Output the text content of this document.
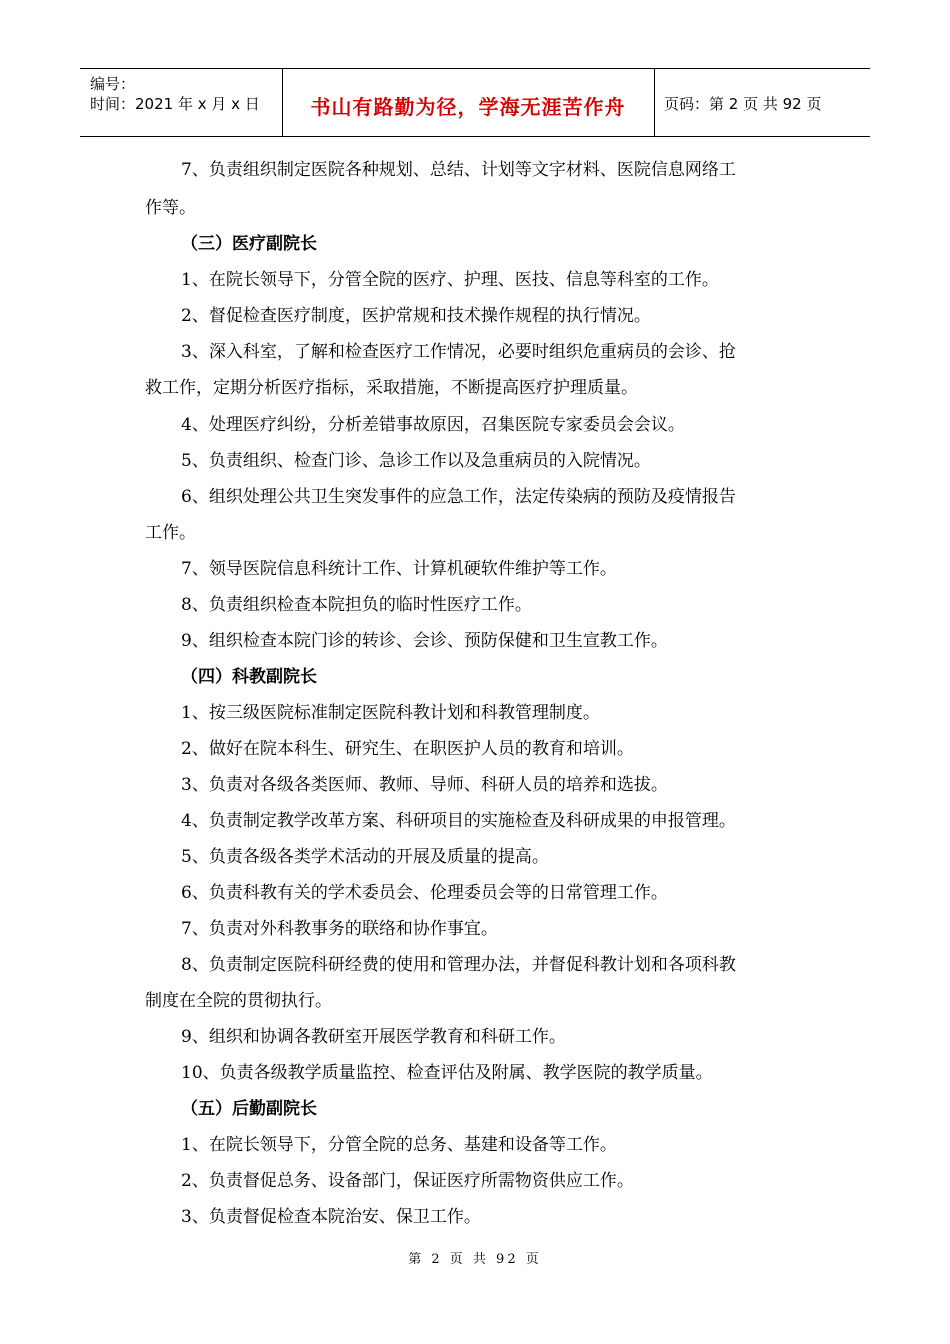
编号：
时间：2021 年 x 月 x 日	书山有路勤为径，学海无涯苦作舟	页码：第 2 页 共 92 页
7、负责组织制定医院各种规划、总结、计划等文字材料、医院信息网络工
作等。
（三）医疗副院长
1、在院长领导下，分管全院的医疗、护理、医技、信息等科室的工作。
2、督促检查医疗制度，医护常规和技术操作规程的执行情况。
3、深入科室，了解和检查医疗工作情况，必要时组织危重病员的会诊、抢
救工作，定期分析医疗指标，采取措施，不断提高医疗护理质量。
4、处理医疗纠纷，分析差错事故原因，召集医院专家委员会会议。
5、负责组织、检查门诊、急诊工作以及急重病员的入院情况。
6、组织处理公共卫生突发事件的应急工作，法定传染病的预防及疫情报告
工作。
7、领导医院信息科统计工作、计算机硬软件维护等工作。
8、负责组织检查本院担负的临时性医疗工作。
9、组织检查本院门诊的转诊、会诊、预防保健和卫生宣教工作。
（四）科教副院长
1、按三级医院标准制定医院科教计划和科教管理制度。
2、做好在院本科生、研究生、在职医护人员的教育和培训。
3、负责对各级各类医师、教师、导师、科研人员的培养和选拔。
4、负责制定教学改革方案、科研项目的实施检查及科研成果的申报管理。
5、负责各级各类学术活动的开展及质量的提高。
6、负责科教有关的学术委员会、伦理委员会等的日常管理工作。
7、负责对外科教事务的联络和协作事宜。
8、负责制定医院科研经费的使用和管理办法，并督促科教计划和各项科教
制度在全院的贯彻执行。
9、组织和协调各教研室开展医学教育和科研工作。
10、负责各级教学质量监控、检查评估及附属、教学医院的教学质量。
（五）后勤副院长
1、在院长领导下，分管全院的总务、基建和设备等工作。
2、负责督促总务、设备部门，保证医疗所需物资供应工作。
3、负责督促检查本院治安、保卫工作。
第 2 页 共 92 页
